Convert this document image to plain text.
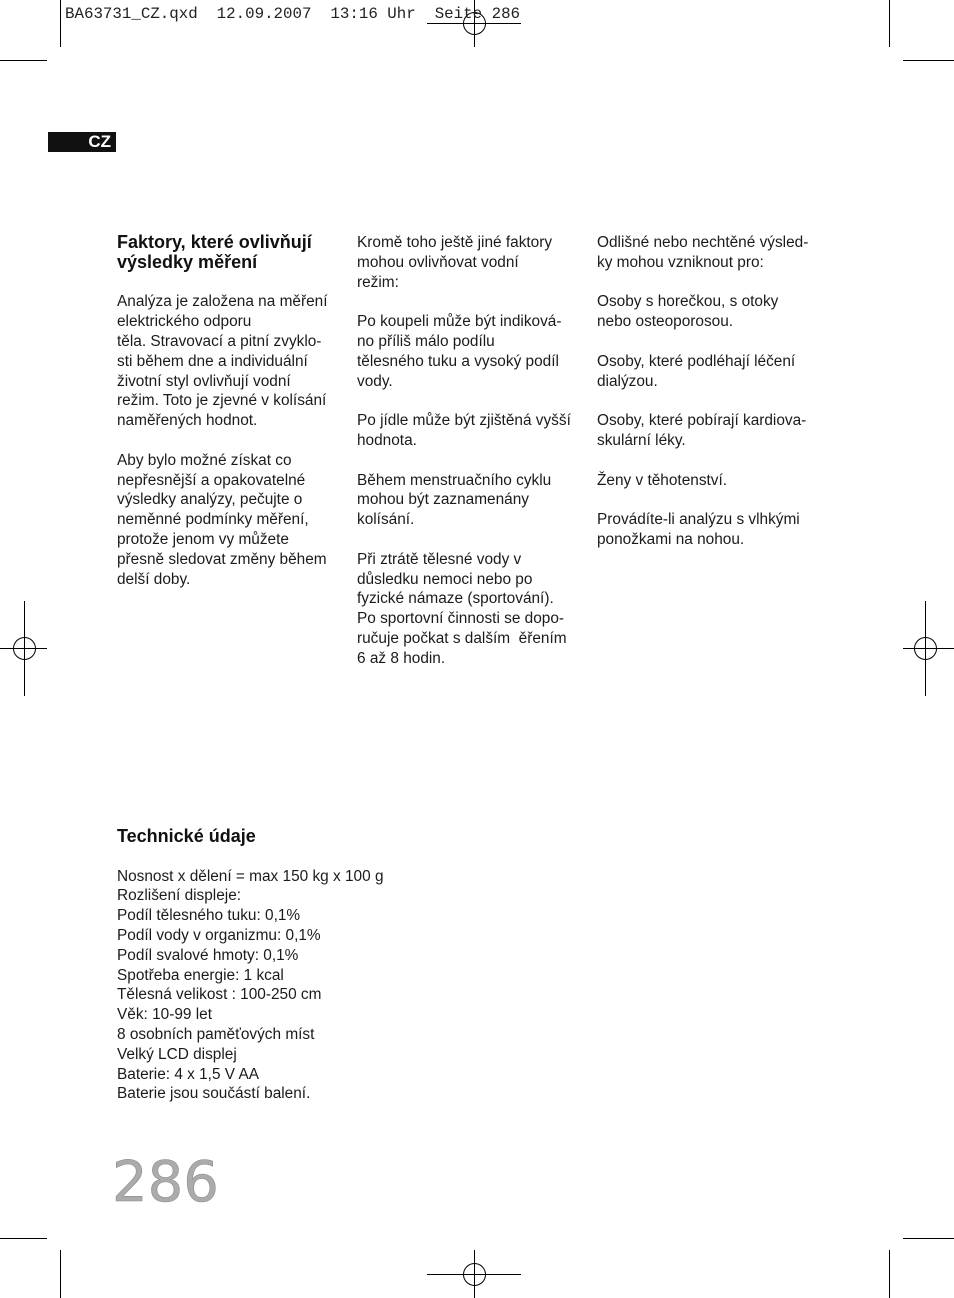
BA63731_CZ.qxd  12.09.2007  13:16 Uhr  Seite 286
CZ
Faktory, které ovlivňují
výsledky měření

Analýza je založena na měření
elektrického odporu
těla. Stravovací a pitní zvyklo-
sti během dne a individuální
životní styl ovlivňují vodní
režim. Toto je zjevné v kolísání
naměřených hodnot.

Aby bylo možné získat co
nepřesnější a opakovatelné
výsledky analýzy, pečujte o
neměnné podmínky měření,
protože jenom vy můžete
přesně sledovat změny během
delší doby.

Kromě toho ještě jiné faktory
mohou ovlivňovat vodní
režim:

Po koupeli může být indiková-
no příliš málo podílu
tělesného tuku a vysoký podíl
vody.

Po jídle může být zjištěná vyšší
hodnota.

Během menstruačního cyklu
mohou být zaznamenány
kolísání.

Při ztrátě tělesné vody v
důsledku nemoci nebo po
fyzické námaze (sportování).
Po sportovní činnosti se dopo-
ručuje počkat s dalším  ěřením
6 až 8 hodin.

Odlišné nebo nechtěné výsled-
ky mohou vzniknout pro:

Osoby s horečkou, s otoky
nebo osteoporosou.

Osoby, které podléhají léčení
dialýzou.

Osoby, které pobírají kardiova-
skulární léky.

Ženy v těhotenství.

Provádíte-li analýzu s vlhkými
ponožkami na nohou.

Technické údaje
Nosnost x dělení = max 150 kg x 100 g
Rozlišení displeje:
Podíl tělesného tuku: 0,1%
Podíl vody v organizmu: 0,1%
Podíl svalové hmoty: 0,1%
Spotřeba energie: 1 kcal
Tělesná velikost : 100-250 cm
Věk: 10-99 let
8 osobních paměťových míst
Velký LCD displej
Baterie: 4 x 1,5 V AA
Baterie jsou součástí balení.
286
